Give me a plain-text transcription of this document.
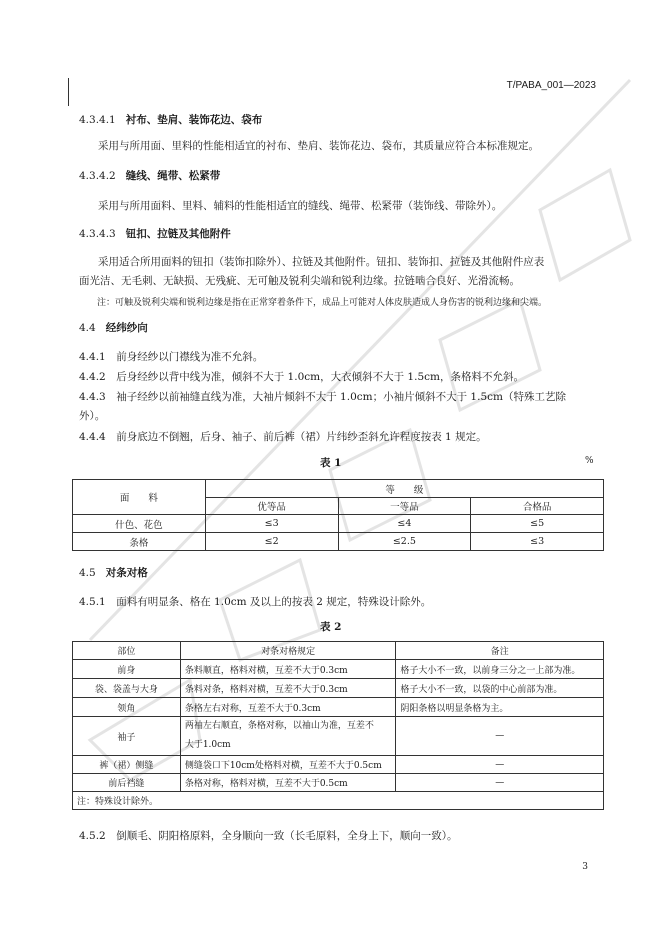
T/PABA_001—2023
4.3.4.1 衬布、垫肩、装饰花边、袋布
采用与所用面、里料的性能相适宜的衬布、垫肩、装饰花边、袋布，其质量应符合本标准规定。
4.3.4.2 缝线、绳带、松紧带
采用与所用面料、里料、辅料的性能相适宜的缝线、绳带、松紧带（装饰线、带除外）。
4.3.4.3 钮扣、拉链及其他附件
采用适合所用面料的钮扣（装饰扣除外）、拉链及其他附件。钮扣、装饰扣、拉链及其他附件应表
面光洁、无毛刺、无缺损、无残疵、无可触及锐利尖端和锐利边缘。拉链啮合良好、光滑流畅。
注：可触及锐利尖端和锐利边缘是指在正常穿着条件下，成品上可能对人体皮肤造成人身伤害的锐利边缘和尖端。
4.4 经纬纱向
4.4.1　前身经纱以门襟线为准不允斜。
4.4.2　后身经纱以背中线为准，倾斜不大于 1.0cm，大衣倾斜不大于 1.5cm，条格料不允斜。
4.4.3　袖子经纱以前袖缝直线为准，大袖片倾斜不大于 1.0cm；小袖片倾斜不大于 1.5cm（特殊工艺除
外）。
4.4.4　前身底边不倒翘，后身、袖子、前后裤（裙）片纬纱歪斜允许程度按表 1 规定。
表 1	%
面　　料	等　　级		
	优等品	一等品	合格品
什色、花色	≤3	≤4	≤5
条格	≤2	≤2.5	≤3
4.5 对条对格
4.5.1　面料有明显条、格在 1.0cm 及以上的按表 2 规定，特殊设计除外。
表 2
部位	对条对格规定	备注
前身	条料顺直，格料对横，互差不大于0.3cm	格子大小不一致，以前身三分之一上部为准。
袋、袋盖与大身	条料对条，格料对横，互差不大于0.3cm	格子大小不一致，以袋的中心前部为准。
领角	条格左右对称，互差不大于0.3cm	阴阳条格以明显条格为主。
袖子	两袖左右顺直，条格对称，以袖山为准，互差不
大于1.0cm	—
裤（裙）侧缝	侧缝袋口下10cm处格料对横，互差不大于0.5cm	—
前后裆缝	条格对称，格料对横，互差不大于0.5cm	—
注：特殊设计除外。		
4.5.2　倒顺毛、阴阳格原料，全身顺向一致（长毛原料，全身上下，顺向一致）。
3
